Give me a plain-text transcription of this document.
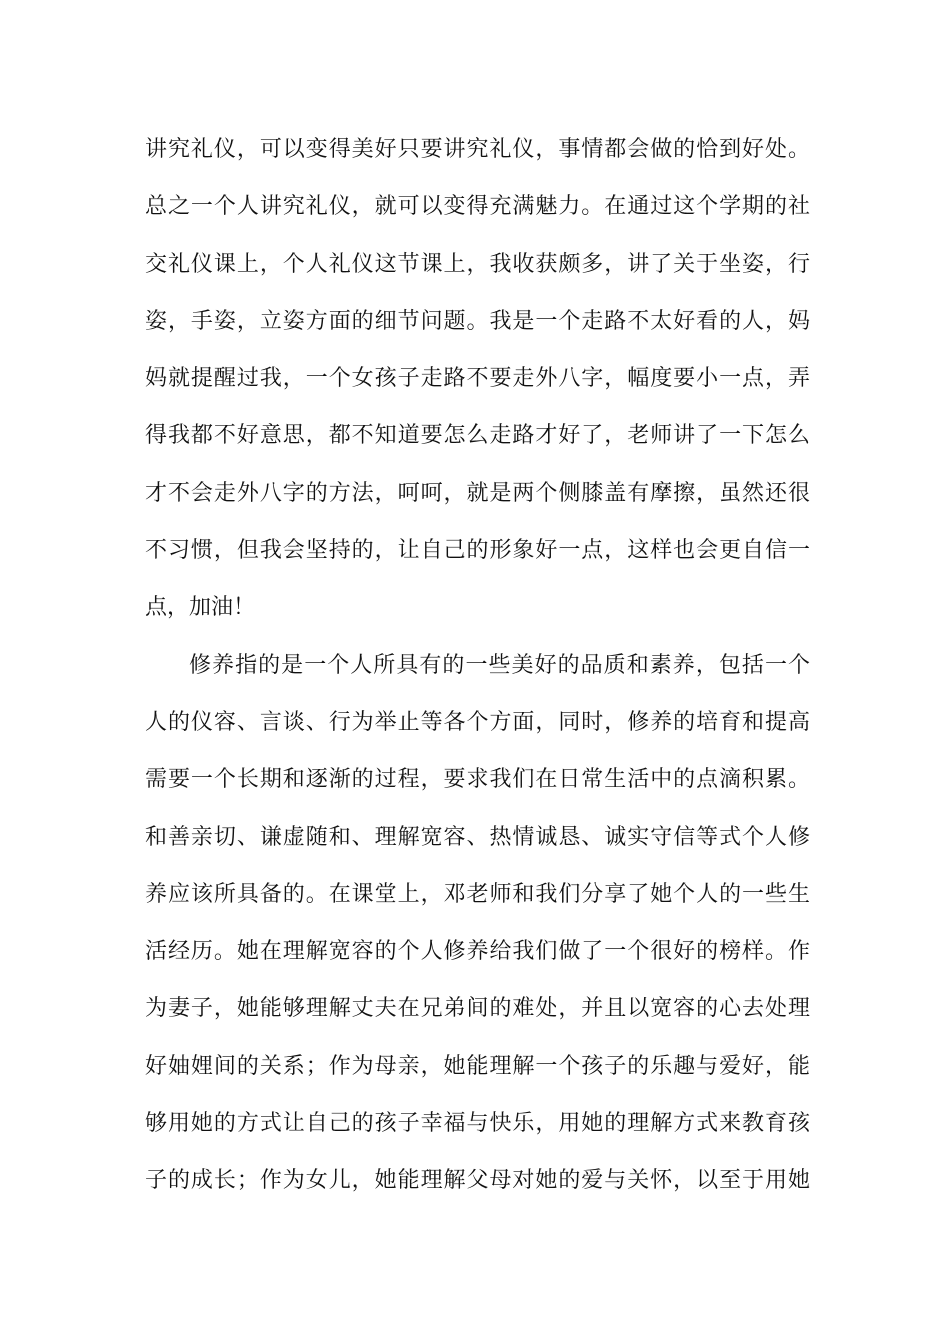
讲究礼仪，可以变得美好只要讲究礼仪，事情都会做的恰到好处。
总之一个人讲究礼仪，就可以变得充满魅力。在通过这个学期的社
交礼仪课上，个人礼仪这节课上，我收获颇多，讲了关于坐姿，行
姿，手姿，立姿方面的细节问题。我是一个走路不太好看的人，妈
妈就提醒过我，一个女孩子走路不要走外八字，幅度要小一点，弄
得我都不好意思，都不知道要怎么走路才好了，老师讲了一下怎么
才不会走外八字的方法，呵呵，就是两个侧膝盖有摩擦，虽然还很
不习惯，但我会坚持的，让自己的形象好一点，这样也会更自信一
点，加油！
修养指的是一个人所具有的一些美好的品质和素养，包括一个
人的仪容、言谈、行为举止等各个方面，同时，修养的培育和提高
需要一个长期和逐渐的过程，要求我们在日常生活中的点滴积累。
和善亲切、谦虚随和、理解宽容、热情诚恳、诚实守信等式个人修
养应该所具备的。在课堂上，邓老师和我们分享了她个人的一些生
活经历。她在理解宽容的个人修养给我们做了一个很好的榜样。作
为妻子，她能够理解丈夫在兄弟间的难处，并且以宽容的心去处理
好妯娌间的关系；作为母亲，她能理解一个孩子的乐趣与爱好，能
够用她的方式让自己的孩子幸福与快乐，用她的理解方式来教育孩
子的成长；作为女儿，她能理解父母对她的爱与关怀，以至于用她
